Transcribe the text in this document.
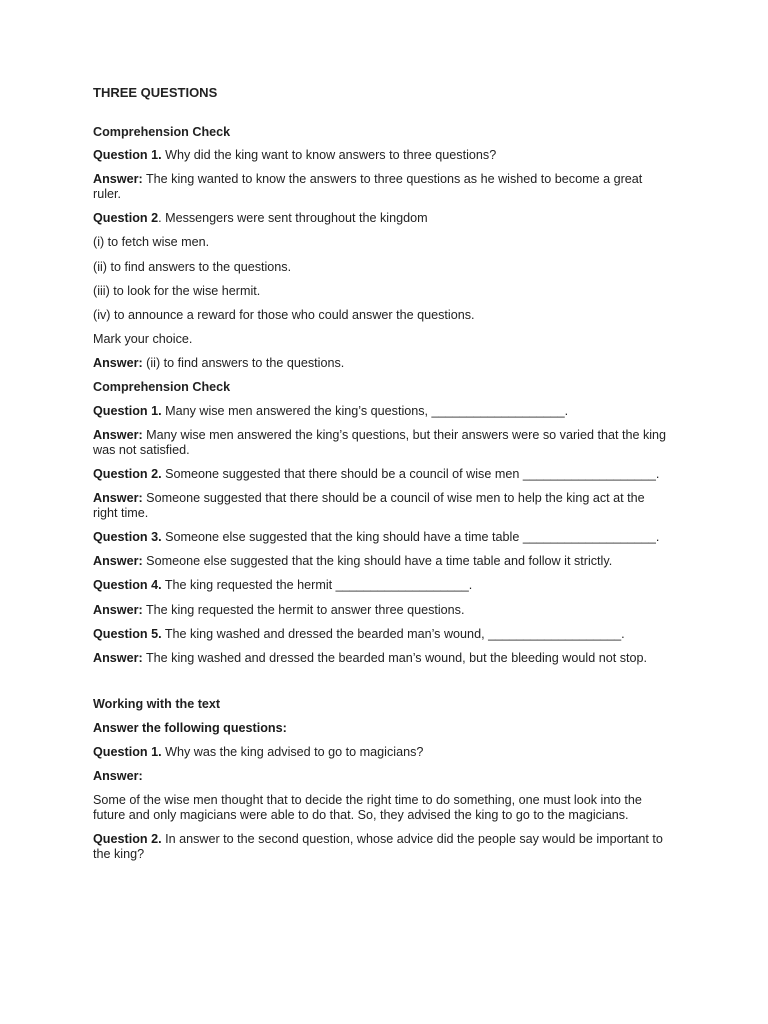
THREE QUESTIONS
Comprehension Check
Question 1. Why did the king want to know answers to three questions?
Answer: The king wanted to know the answers to three questions as he wished to become a great ruler.
Question 2. Messengers were sent throughout the kingdom
(i) to fetch wise men.
(ii) to find answers to the questions.
(iii) to look for the wise hermit.
(iv) to announce a reward for those who could answer the questions.
Mark your choice.
Answer: (ii) to find answers to the questions.
Comprehension Check
Question 1. Many wise men answered the king’s questions, ___________________.
Answer: Many wise men answered the king’s questions, but their answers were so varied that the king was not satisfied.
Question 2. Someone suggested that there should be a council of wise men ___________________.
Answer: Someone suggested that there should be a council of wise men to help the king act at the right time.
Question 3. Someone else suggested that the king should have a time table ___________________.
Answer: Someone else suggested that the king should have a time table and follow it strictly.
Question 4. The king requested the hermit ___________________.
Answer: The king requested the hermit to answer three questions.
Question 5. The king washed and dressed the bearded man’s wound, ___________________.
Answer: The king washed and dressed the bearded man’s wound, but the bleeding would not stop.
Working with the text
Answer the following questions:
Question 1. Why was the king advised to go to magicians?
Answer:
Some of the wise men thought that to decide the right time to do something, one must look into the future and only magicians were able to do that. So, they advised the king to go to the magicians.
Question 2. In answer to the second question, whose advice did the people say would be important to the king?
